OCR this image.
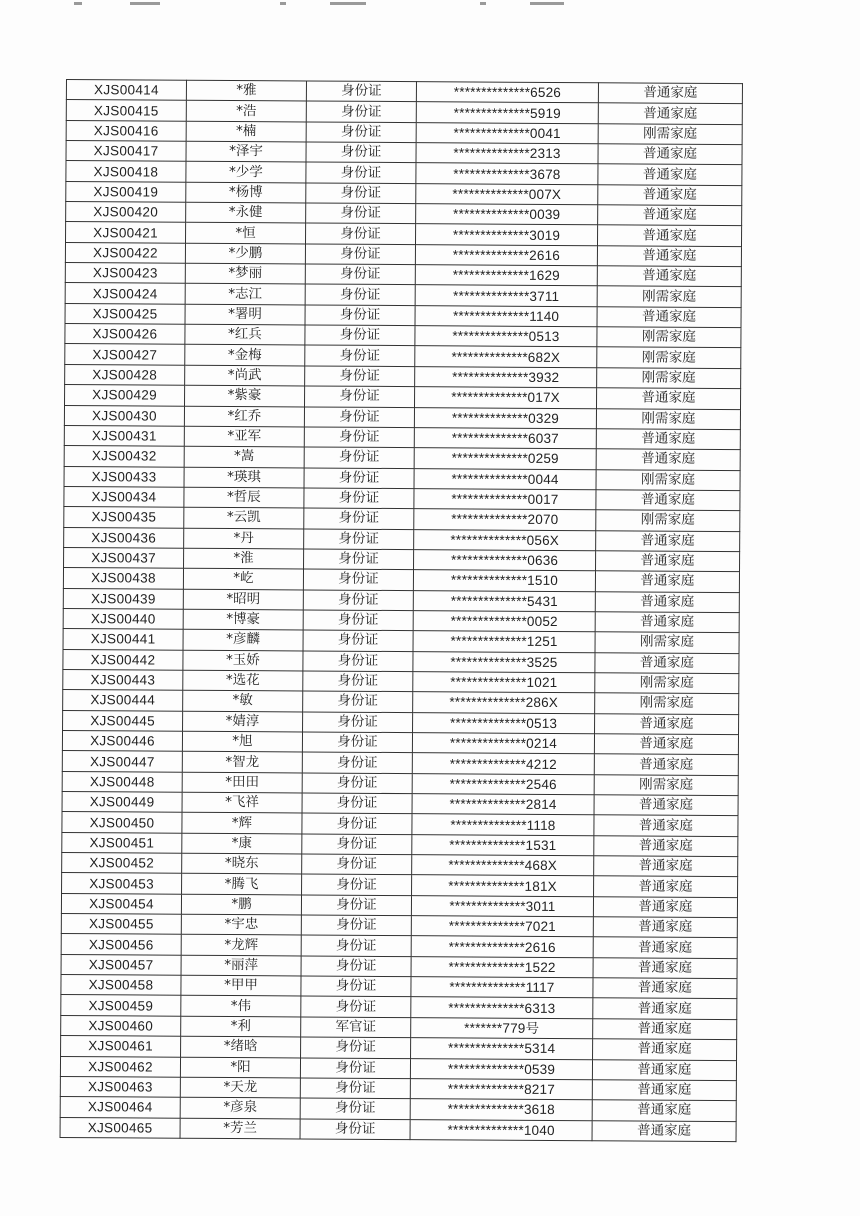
XJS00414	*雅	身份证	**************6526	普通家庭
XJS00415	*浩	身份证	**************5919	普通家庭
XJS00416	*楠	身份证	**************0041	刚需家庭
XJS00417	*泽宇	身份证	**************2313	普通家庭
XJS00418	*少学	身份证	**************3678	普通家庭
XJS00419	*杨博	身份证	**************007X	普通家庭
XJS00420	*永健	身份证	**************0039	普通家庭
XJS00421	*恒	身份证	**************3019	普通家庭
XJS00422	*少鹏	身份证	**************2616	普通家庭
XJS00423	*梦丽	身份证	**************1629	普通家庭
XJS00424	*志江	身份证	**************3711	刚需家庭
XJS00425	*署明	身份证	**************1140	普通家庭
XJS00426	*红兵	身份证	**************0513	刚需家庭
XJS00427	*金梅	身份证	**************682X	刚需家庭
XJS00428	*尚武	身份证	**************3932	刚需家庭
XJS00429	*紫豪	身份证	**************017X	普通家庭
XJS00430	*红乔	身份证	**************0329	刚需家庭
XJS00431	*亚军	身份证	**************6037	普通家庭
XJS00432	*嵩	身份证	**************0259	普通家庭
XJS00433	*瑛琪	身份证	**************0044	刚需家庭
XJS00434	*哲辰	身份证	**************0017	普通家庭
XJS00435	*云凯	身份证	**************2070	刚需家庭
XJS00436	*丹	身份证	**************056X	普通家庭
XJS00437	*淮	身份证	**************0636	普通家庭
XJS00438	*屹	身份证	**************1510	普通家庭
XJS00439	*昭明	身份证	**************5431	普通家庭
XJS00440	*博豪	身份证	**************0052	普通家庭
XJS00441	*彦麟	身份证	**************1251	刚需家庭
XJS00442	*玉娇	身份证	**************3525	普通家庭
XJS00443	*选花	身份证	**************1021	刚需家庭
XJS00444	*敏	身份证	**************286X	刚需家庭
XJS00445	*婧淳	身份证	**************0513	普通家庭
XJS00446	*旭	身份证	**************0214	普通家庭
XJS00447	*智龙	身份证	**************4212	普通家庭
XJS00448	*田田	身份证	**************2546	刚需家庭
XJS00449	*飞祥	身份证	**************2814	普通家庭
XJS00450	*辉	身份证	**************1118	普通家庭
XJS00451	*康	身份证	**************1531	普通家庭
XJS00452	*晓东	身份证	**************468X	普通家庭
XJS00453	*腾飞	身份证	**************181X	普通家庭
XJS00454	*鹏	身份证	**************3011	普通家庭
XJS00455	*宇忠	身份证	**************7021	普通家庭
XJS00456	*龙辉	身份证	**************2616	普通家庭
XJS00457	*丽萍	身份证	**************1522	普通家庭
XJS00458	*甲甲	身份证	**************1117	普通家庭
XJS00459	*伟	身份证	**************6313	普通家庭
XJS00460	*利	军官证	*******779号	普通家庭
XJS00461	*绪晗	身份证	**************5314	普通家庭
XJS00462	*阳	身份证	**************0539	普通家庭
XJS00463	*天龙	身份证	**************8217	普通家庭
XJS00464	*彦泉	身份证	**************3618	普通家庭
XJS00465	*芳兰	身份证	**************1040	普通家庭
